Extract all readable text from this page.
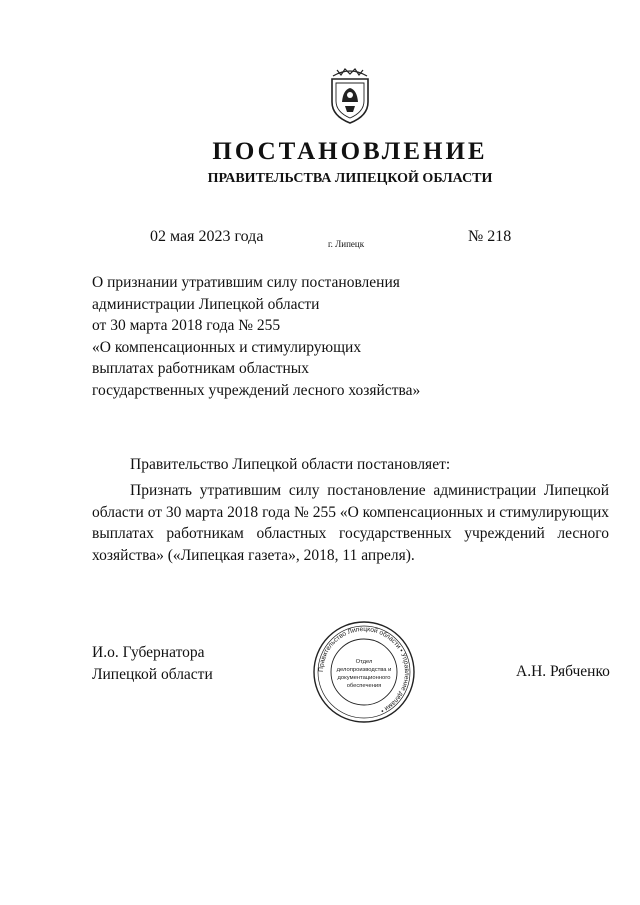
ПОСТАНОВЛЕНИЕ
ПРАВИТЕЛЬСТВА ЛИПЕЦКОЙ ОБЛАСТИ
02 мая 2023 года	г. Липецк	№ 218
О признании утратившим силу постановления
администрации Липецкой области
от 30 марта 2018 года № 255
«О компенсационных и стимулирующих
выплатах работникам областных
государственных учреждений лесного хозяйства»
Правительство Липецкой области постановляет:
Признать утратившим силу постановление администрации Липецкой области от 30 марта 2018 года № 255 «О компенсационных и стимулирующих выплатах работникам областных государственных учреждений лесного хозяйства» («Липецкая газета», 2018, 11 апреля).
И.о. Губернатора
Липецкой области	А.Н. Рябченко
Правительство Липецкой области • Управление делами •
Отдел
делопроизводства и
документационного
обеспечения
